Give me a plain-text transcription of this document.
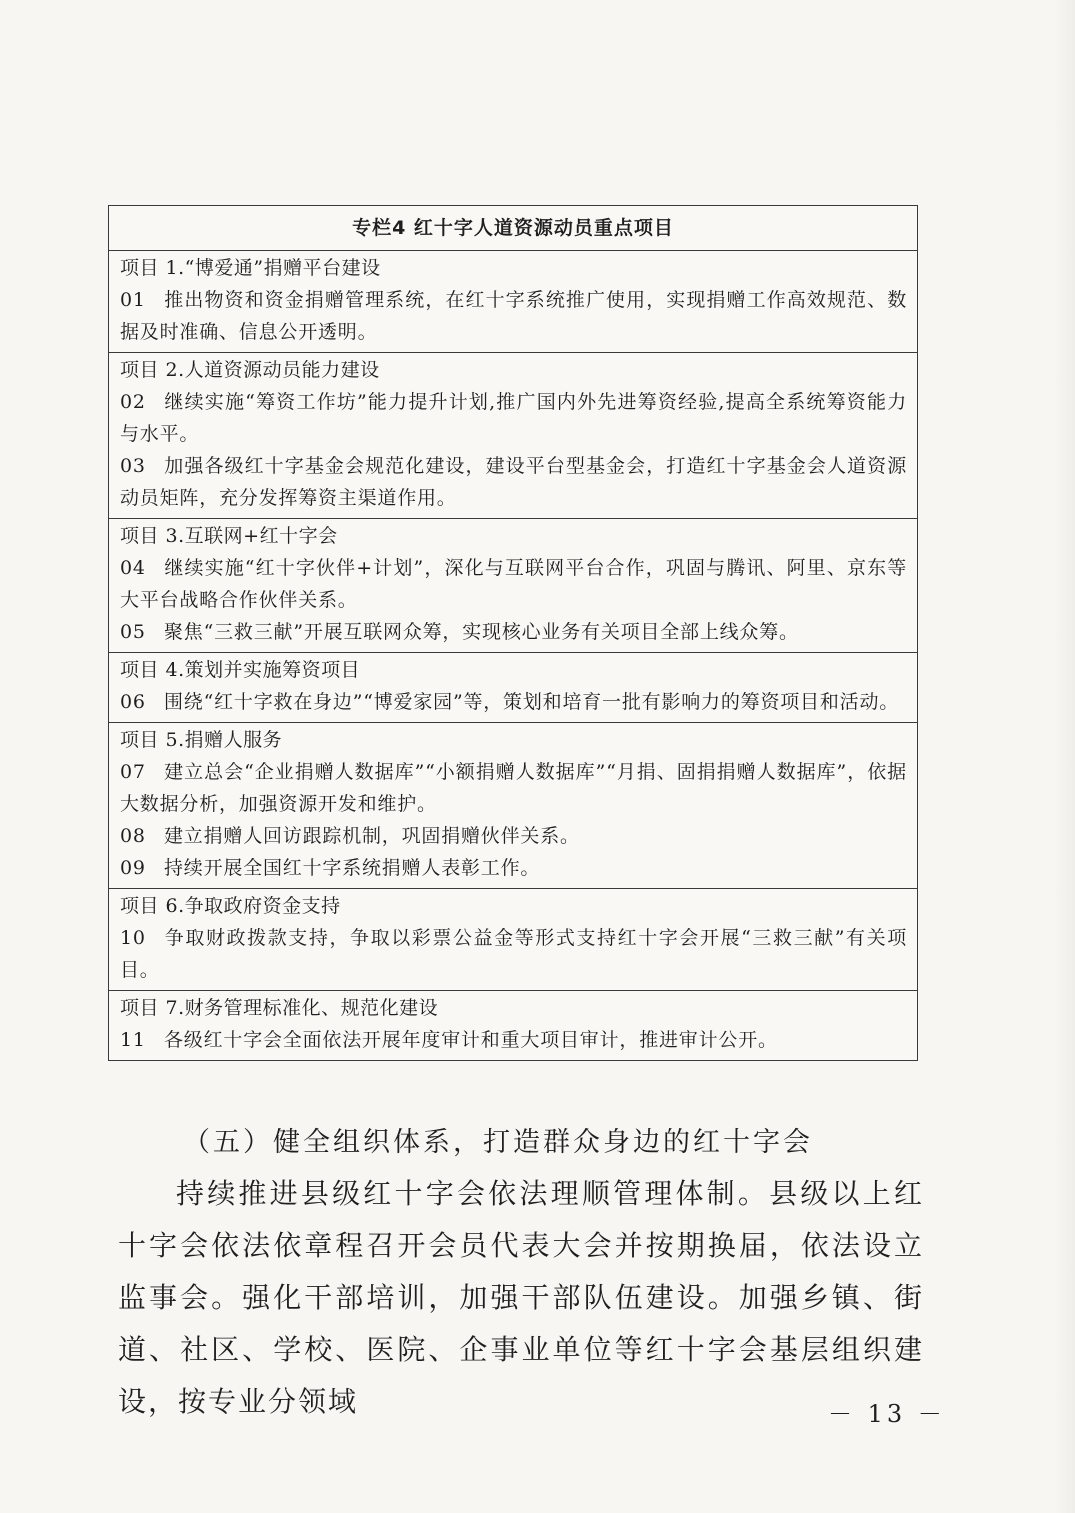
专栏4 红十字人道资源动员重点项目
项目 1.“博爱通”捐赠平台建设
01 推出物资和资金捐赠管理系统，在红十字系统推广使用，实现捐赠工作高效规范、数据及时准确、信息公开透明。
项目 2.人道资源动员能力建设
02 继续实施“筹资工作坊”能力提升计划,推广国内外先进筹资经验,提高全系统筹资能力与水平。
03 加强各级红十字基金会规范化建设，建设平台型基金会，打造红十字基金会人道资源动员矩阵，充分发挥筹资主渠道作用。
项目 3.互联网+红十字会
04 继续实施“红十字伙伴+计划”，深化与互联网平台合作，巩固与腾讯、阿里、京东等大平台战略合作伙伴关系。
05 聚焦“三救三献”开展互联网众筹，实现核心业务有关项目全部上线众筹。
项目 4.策划并实施筹资项目
06 围绕“红十字救在身边”“博爱家园”等，策划和培育一批有影响力的筹资项目和活动。
项目 5.捐赠人服务
07 建立总会“企业捐赠人数据库”“小额捐赠人数据库”“月捐、固捐捐赠人数据库”，依据大数据分析，加强资源开发和维护。
08 建立捐赠人回访跟踪机制，巩固捐赠伙伴关系。
09 持续开展全国红十字系统捐赠人表彰工作。
项目 6.争取政府资金支持
10 争取财政拨款支持，争取以彩票公益金等形式支持红十字会开展“三救三献”有关项目。
项目 7.财务管理标准化、规范化建设
11 各级红十字会全面依法开展年度审计和重大项目审计，推进审计公开。
（五）健全组织体系，打造群众身边的红十字会
持续推进县级红十字会依法理顺管理体制。县级以上红十字会依法依章程召开会员代表大会并按期换届，依法设立监事会。强化干部培训，加强干部队伍建设。加强乡镇、街道、社区、学校、医院、企事业单位等红十字会基层组织建设，按专业分领域	－ 13 －
